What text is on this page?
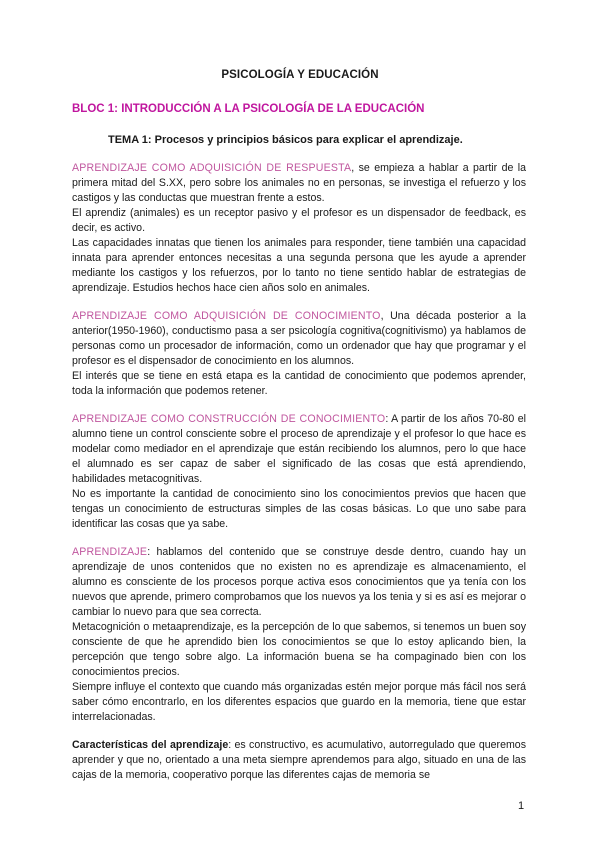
PSICOLOGÍA Y EDUCACIÓN
BLOC 1: INTRODUCCIÓN A LA PSICOLOGÍA DE LA EDUCACIÓN
TEMA 1: Procesos y principios básicos para explicar el aprendizaje.

APRENDIZAJE COMO ADQUISICIÓN DE RESPUESTA, se empieza a hablar a partir de la primera mitad del S.XX, pero sobre los animales no en personas, se investiga el refuerzo y los castigos y las conductas que muestran frente a estos.

El aprendiz (animales) es un receptor pasivo y el profesor es un dispensador de feedback, es decir, es activo.

Las capacidades innatas que tienen los animales para responder, tiene también una capacidad innata para aprender entonces necesitas a una segunda persona que les ayude a aprender mediante los castigos y los refuerzos, por lo tanto no tiene sentido hablar de estrategias de aprendizaje. Estudios hechos hace cien años solo en animales.

APRENDIZAJE COMO ADQUISICIÓN DE CONOCIMIENTO, Una década posterior a la anterior(1950-1960), conductismo pasa a ser psicología cognitiva(cognitivismo) ya hablamos de personas como un procesador de información, como un ordenador que hay que programar y el profesor es el dispensador de conocimiento en los alumnos.

El interés que se tiene en está etapa es la cantidad de conocimiento que podemos aprender, toda la información que podemos retener.

APRENDIZAJE COMO CONSTRUCCIÓN DE CONOCIMIENTO: A partir de los años 70-80 el alumno tiene un control consciente sobre el proceso de aprendizaje y el profesor lo que hace es modelar como mediador en el aprendizaje que están recibiendo los alumnos, pero lo que hace el alumnado es ser capaz de saber el significado de las cosas que está aprendiendo, habilidades metacognitivas.

No es importante la cantidad de conocimiento sino los conocimientos previos que hacen que tengas un conocimiento de estructuras simples de las cosas básicas. Lo que uno sabe para identificar las cosas que ya sabe.

APRENDIZAJE: hablamos del contenido que se construye desde dentro, cuando hay un aprendizaje de unos contenidos que no existen no es aprendizaje es almacenamiento, el alumno es consciente de los procesos porque activa esos conocimientos que ya tenía con los nuevos que aprende, primero comprobamos que los nuevos ya los tenia y si es así es mejorar o cambiar lo nuevo para que sea correcta.

Metacognición o metaaprendizaje, es la percepción de lo que sabemos, si tenemos un buen soy consciente de que he aprendido bien los conocimientos se que lo estoy aplicando bien, la percepción que tengo sobre algo. La información buena se ha compaginado bien con los conocimientos precios.

Siempre influye el contexto que cuando más organizadas estén mejor porque más fácil nos será saber cómo encontrarlo, en los diferentes espacios que guardo en la memoria, tiene que estar interrelacionadas.

Características del aprendizaje: es constructivo, es acumulativo, autorregulado que queremos aprender y que no, orientado a una meta siempre aprendemos para algo, situado en una de las cajas de la memoria, cooperativo porque las diferentes cajas de memoria se

1
